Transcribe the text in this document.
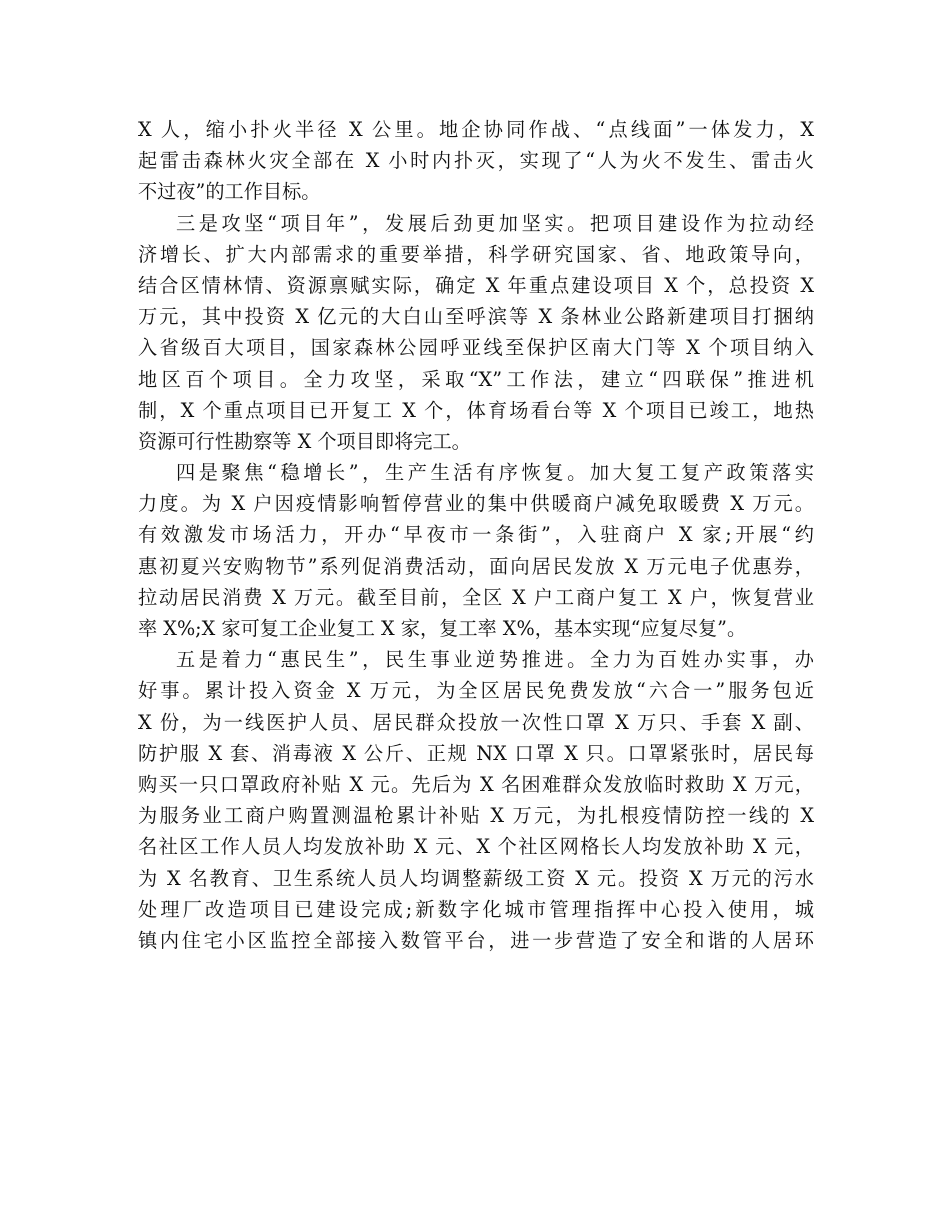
X 人，缩小扑火半径 X 公里。地企协同作战、“点线面”一体发力，X
起雷击森林火灾全部在 X 小时内扑灭，实现了“人为火不发生、雷击火
不过夜”的工作目标。
三是攻坚“项目年”，发展后劲更加坚实。把项目建设作为拉动经
济增长、扩大内部需求的重要举措，科学研究国家、省、地政策导向，
结合区情林情、资源禀赋实际，确定 X 年重点建设项目 X 个，总投资 X
万元，其中投资 X 亿元的大白山至呼滨等 X 条林业公路新建项目打捆纳
入省级百大项目，国家森林公园呼亚线至保护区南大门等 X 个项目纳入
地区百个项目。全力攻坚，采取“X”工作法，建立“四联保”推进机
制，X 个重点项目已开复工 X 个，体育场看台等 X 个项目已竣工，地热
资源可行性勘察等 X 个项目即将完工。
四是聚焦“稳增长”，生产生活有序恢复。加大复工复产政策落实
力度。为 X 户因疫情影响暂停营业的集中供暖商户减免取暖费 X 万元。
有效激发市场活力，开办“早夜市一条街”，入驻商户 X 家;开展“约
惠初夏兴安购物节”系列促消费活动，面向居民发放 X 万元电子优惠券，
拉动居民消费 X 万元。截至目前，全区 X 户工商户复工 X 户，恢复营业
率 X%;X 家可复工企业复工 X 家，复工率 X%，基本实现“应复尽复”。
五是着力“惠民生”，民生事业逆势推进。全力为百姓办实事，办
好事。累计投入资金 X 万元，为全区居民免费发放“六合一”服务包近
X 份，为一线医护人员、居民群众投放一次性口罩 X 万只、手套 X 副、
防护服 X 套、消毒液 X 公斤、正规 NX 口罩 X 只。口罩紧张时，居民每
购买一只口罩政府补贴 X 元。先后为 X 名困难群众发放临时救助 X 万元，
为服务业工商户购置测温枪累计补贴 X 万元，为扎根疫情防控一线的 X
名社区工作人员人均发放补助 X 元、X 个社区网格长人均发放补助 X 元，
为 X 名教育、卫生系统人员人均调整薪级工资 X 元。投资 X 万元的污水
处理厂改造项目已建设完成;新数字化城市管理指挥中心投入使用，城
镇内住宅小区监控全部接入数管平台，进一步营造了安全和谐的人居环
